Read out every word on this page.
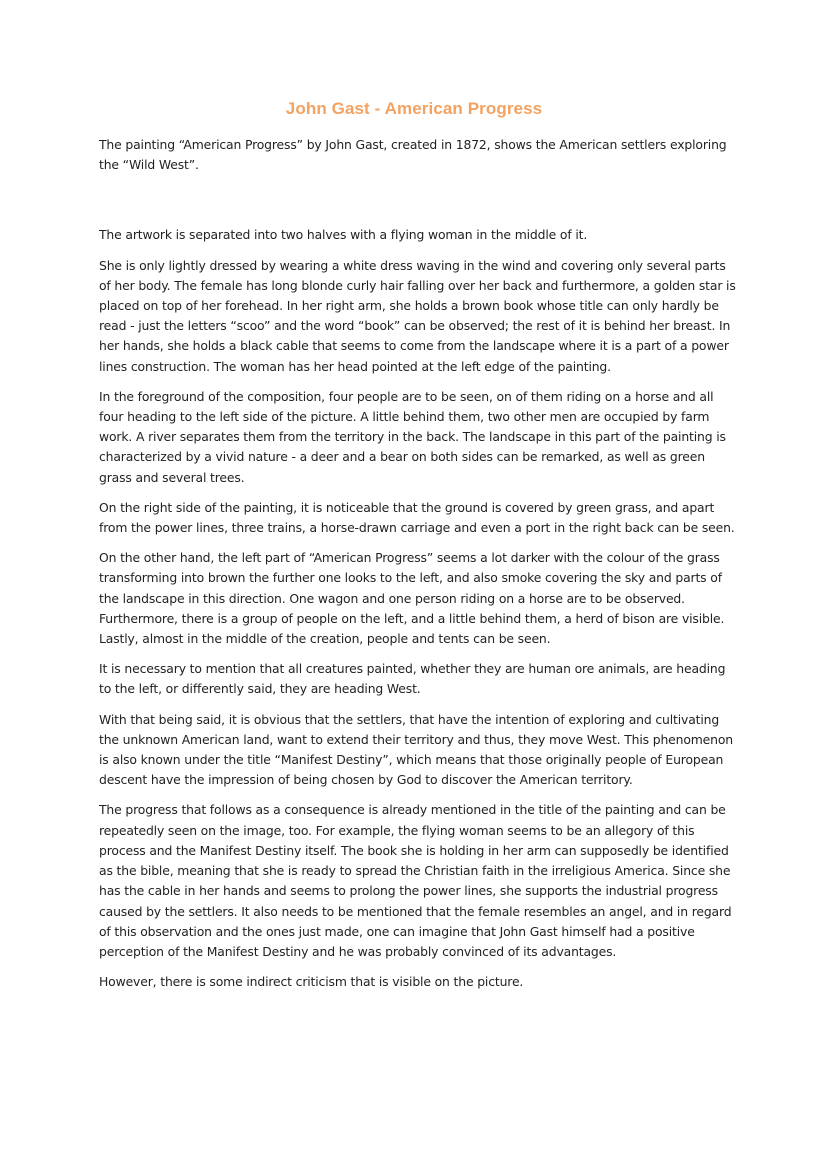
John Gast - American Progress

The painting “American Progress” by John Gast, created in 1872, shows the American settlers exploring the “Wild West”.

The artwork is separated into two halves with a flying woman in the middle of it.

She is only lightly dressed by wearing a white dress waving in the wind and covering only several parts of her body. The female has long blonde curly hair falling over her back and furthermore, a golden star is placed on top of her forehead. In her right arm, she holds a brown book whose title can only hardly be read - just the letters “scoo” and the word “book” can be observed; the rest of it is behind her breast. In her hands, she holds a black cable that seems to come from the landscape where it is a part of a power lines construction. The woman has her head pointed at the left edge of the painting.

In the foreground of the composition, four people are to be seen, on of them riding on a horse and all four heading to the left side of the picture. A little behind them, two other men are occupied by farm work. A river separates them from the territory in the back. The landscape in this part of the painting is characterized by a vivid nature - a deer and a bear on both sides can be remarked, as well as green grass and several trees.

On the right side of the painting, it is noticeable that the ground is covered by green grass, and apart from the power lines, three trains, a horse-drawn carriage and even a port in the right back can be seen.

On the other hand, the left part of “American Progress” seems a lot darker with the colour of the grass transforming into brown the further one looks to the left, and also smoke covering the sky and parts of the landscape in this direction. One wagon and one person riding on a horse are to be observed. Furthermore, there is a group of people on the left, and a little behind them, a herd of bison are visible. Lastly, almost in the middle of the creation, people and tents can be seen.

It is necessary to mention that all creatures painted, whether they are human ore animals, are heading to the left, or differently said, they are heading West.

With that being said, it is obvious that the settlers, that have the intention of exploring and cultivating the unknown American land, want to extend their territory and thus, they move West. This phenomenon is also known under the title “Manifest Destiny”, which means that those originally people of European descent have the impression of being chosen by God to discover the American territory.

The progress that follows as a consequence is already mentioned in the title of the painting and can be repeatedly seen on the image, too. For example, the flying woman seems to be an allegory of this process and the Manifest Destiny itself. The book she is holding in her arm can supposedly be identified as the bible, meaning that she is ready to spread the Christian faith in the irreligious America. Since she has the cable in her hands and seems to prolong the power lines, she supports the industrial progress caused by the settlers. It also needs to be mentioned that the female resembles an angel, and in regard of this observation and the ones just made, one can imagine that John Gast himself had a positive perception of the Manifest Destiny and he was probably convinced of its advantages.

However, there is some indirect criticism that is visible on the picture.
